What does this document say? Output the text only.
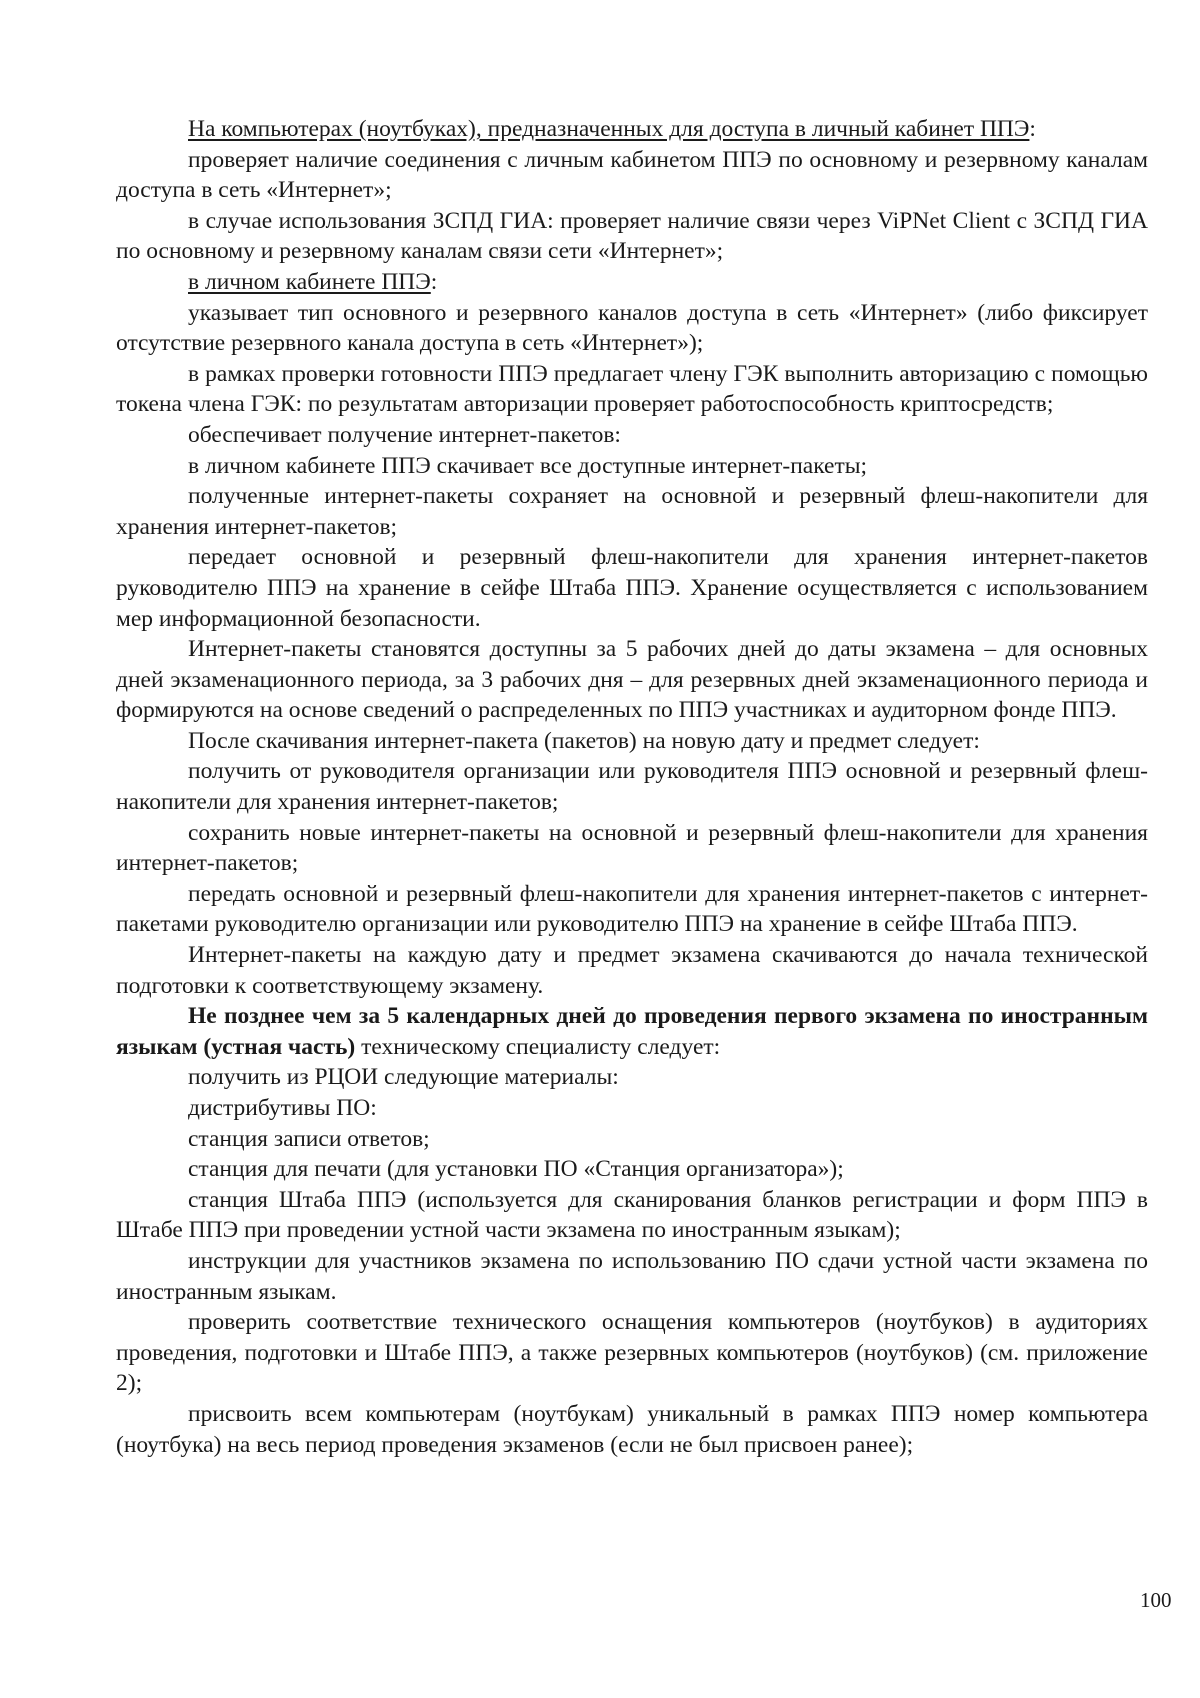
На компьютерах (ноутбуках), предназначенных для доступа в личный кабинет ППЭ:

проверяет наличие соединения с личным кабинетом ППЭ по основному и резервному каналам доступа в сеть «Интернет»;

в случае использования ЗСПД ГИА: проверяет наличие связи через ViPNet Client с ЗСПД ГИА по основному и резервному каналам связи сети «Интернет»;

в личном кабинете ППЭ:

указывает тип основного и резервного каналов доступа в сеть «Интернет» (либо фиксирует отсутствие резервного канала доступа в сеть «Интернет»);

в рамках проверки готовности ППЭ предлагает члену ГЭК выполнить авторизацию с помощью токена члена ГЭК: по результатам авторизации проверяет работоспособность криптосредств;

обеспечивает получение интернет-пакетов:

в личном кабинете ППЭ скачивает все доступные интернет-пакеты;

полученные интернет-пакеты сохраняет на основной и резервный флеш-накопители для хранения интернет-пакетов;

передает основной и резервный флеш-накопители для хранения интернет-пакетов руководителю ППЭ на хранение в сейфе Штаба ППЭ. Хранение осуществляется с использованием мер информационной безопасности.

Интернет-пакеты становятся доступны за 5 рабочих дней до даты экзамена – для основных дней экзаменационного периода, за 3 рабочих дня – для резервных дней экзаменационного периода и формируются на основе сведений о распределенных по ППЭ участниках и аудиторном фонде ППЭ.

После скачивания интернет-пакета (пакетов) на новую дату и предмет следует:

получить от руководителя организации или руководителя ППЭ основной и резервный флеш-накопители для хранения интернет-пакетов;

сохранить новые интернет-пакеты на основной и резервный флеш-накопители для хранения интернет-пакетов;

передать основной и резервный флеш-накопители для хранения интернет-пакетов с интернет-пакетами руководителю организации или руководителю ППЭ на хранение в сейфе Штаба ППЭ.

Интернет-пакеты на каждую дату и предмет экзамена скачиваются до начала технической подготовки к соответствующему экзамену.

Не позднее чем за 5 календарных дней до проведения первого экзамена по иностранным языкам (устная часть) техническому специалисту следует:

получить из РЦОИ следующие материалы:

дистрибутивы ПО:

станция записи ответов;

станция для печати (для установки ПО «Станция организатора»);

станция Штаба ППЭ (используется для сканирования бланков регистрации и форм ППЭ в Штабе ППЭ при проведении устной части экзамена по иностранным языкам);

инструкции для участников экзамена по использованию ПО сдачи устной части экзамена по иностранным языкам.

проверить соответствие технического оснащения компьютеров (ноутбуков) в аудиториях проведения, подготовки и Штабе ППЭ, а также резервных компьютеров (ноутбуков) (см. приложение 2);

присвоить всем компьютерам (ноутбукам) уникальный в рамках ППЭ номер компьютера (ноутбука) на весь период проведения экзаменов (если не был присвоен ранее);

100
